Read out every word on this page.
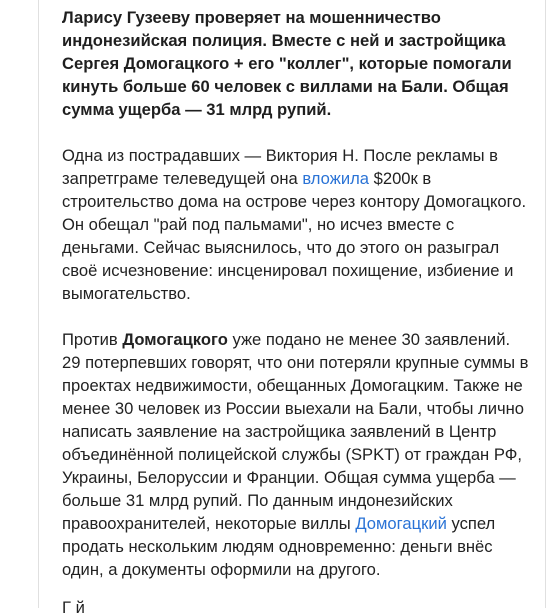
Ларису Гузееву проверяет на мошенничество индонезийская полиция. Вместе с ней и застройщика Сергея Домогацкого + его "коллег", которые помогали кинуть больше 60 человек с виллами на Бали. Общая сумма ущерба — 31 млрд рупий.

Одна из пострадавших — Виктория Н. После рекламы в запретграме телеведущей она вложила $200к в строительство дома на острове через контору Домогацкого. Он обещал "рай под пальмами", но исчез вместе с деньгами. Сейчас выяснилось, что до этого он разыграл своё исчезновение: инсценировал похищение, избиение и вымогательство.

Против Домогацкого уже подано не менее 30 заявлений. 29 потерпевших говорят, что они потеряли крупные суммы в проектах недвижимости, обещанных Домогацким. Также не менее 30 человек из России выехали на Бали, чтобы лично написать заявление на застройщика заявлений в Центр объединённой полицейской службы (SPKT) от граждан РФ, Украины, Белоруссии и Франции. Общая сумма ущерба — больше 31 млрд рупий. По данным индонезийских правоохранителей, некоторые виллы Домогацкий успел продать нескольким людям одновременно: деньги внёс один, а документы оформили на другого.

Г й
